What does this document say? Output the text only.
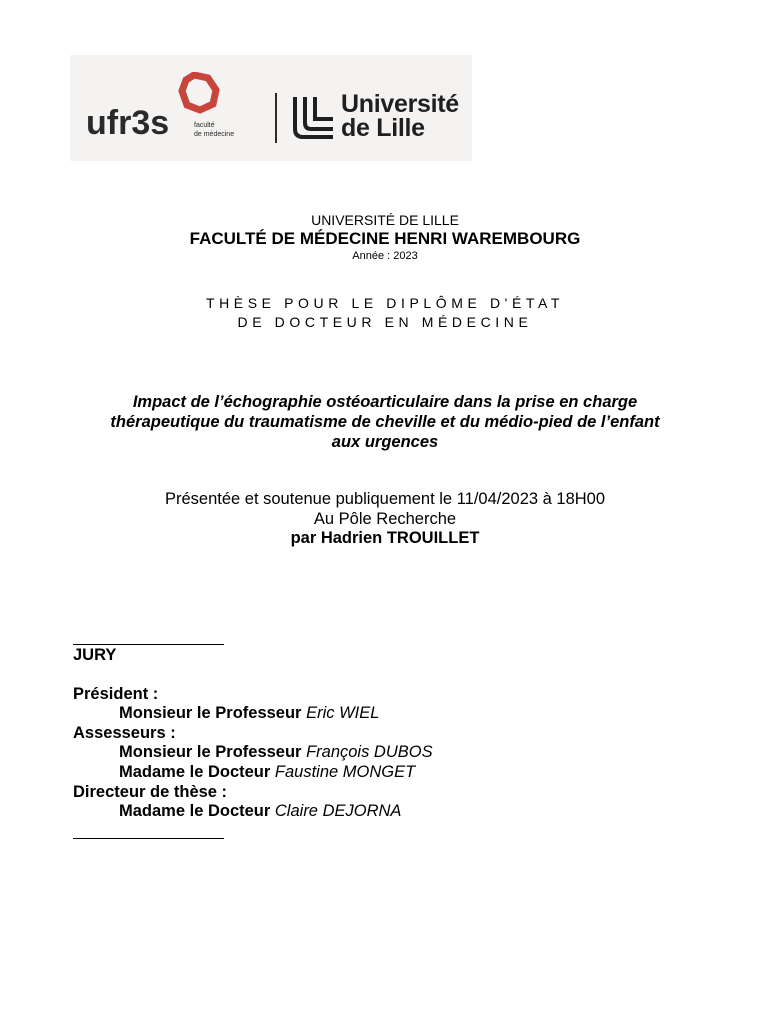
ufr3s	faculté
de médecine
Université
de Lille
UNIVERSITÉ DE LILLE
FACULTÉ DE MÉDECINE HENRI WAREMBOURG
Année : 2023
THÈSE POUR LE DIPLÔME D'ÉTAT
DE DOCTEUR EN MÉDECINE
Impact de l’échographie ostéoarticulaire dans la prise en charge
thérapeutique du traumatisme de cheville et du médio-pied de l’enfant
aux urgences
Présentée et soutenue publiquement le 11/04/2023 à 18H00
Au Pôle Recherche
par Hadrien TROUILLET
JURY
Président :
Monsieur le Professeur Eric WIEL
Assesseurs :
Monsieur le Professeur François DUBOS
Madame le Docteur Faustine MONGET
Directeur de thèse :
Madame le Docteur Claire DEJORNA
